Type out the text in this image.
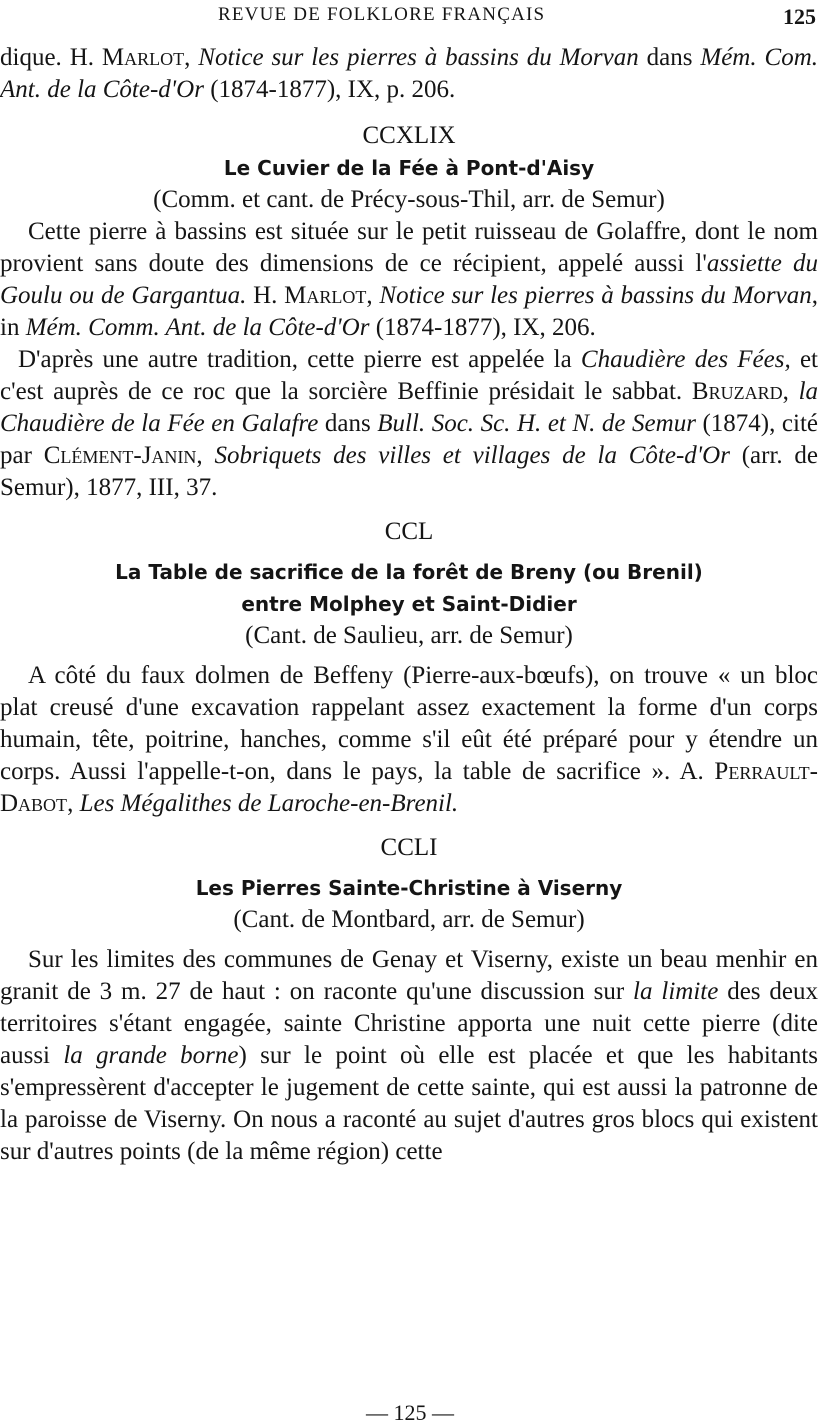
REVUE DE FOLKLORE FRANÇAIS	125

dique. H. Marlot, Notice sur les pierres à bassins du Morvan dans Mém. Com. Ant. de la Côte-d'Or (1874-1877), IX, p. 206.

CCXLIX
Le Cuvier de la Fée à Pont-d'Aisy
(Comm. et cant. de Précy-sous-Thil, arr. de Semur)

Cette pierre à bassins est située sur le petit ruisseau de Golaffre, dont le nom provient sans doute des dimensions de ce récipient, appelé aussi l'assiette du Goulu ou de Gargantua. H. Marlot, Notice sur les pierres à bassins du Morvan, in Mém. Comm. Ant. de la Côte-d'Or (1874-1877), IX, 206.

D'après une autre tradition, cette pierre est appelée la Chaudière des Fées, et c'est auprès de ce roc que la sorcière Beffinie présidait le sabbat. Bruzard, la Chaudière de la Fée en Galafre dans Bull. Soc. Sc. H. et N. de Semur (1874), cité par Clément-Janin, Sobriquets des villes et villages de la Côte-d'Or (arr. de Semur), 1877, III, 37.

CCL
La Table de sacrifice de la forêt de Breny (ou Brenil)
entre Molphey et Saint-Didier
(Cant. de Saulieu, arr. de Semur)

A côté du faux dolmen de Beffeny (Pierre-aux-bœufs), on trouve « un bloc plat creusé d'une excavation rappelant assez exactement la forme d'un corps humain, tête, poitrine, hanches, comme s'il eût été préparé pour y étendre un corps. Aussi l'appelle-t-on, dans le pays, la table de sacrifice ». A. Perrault-Dabot, Les Mégalithes de Laroche-en-Brenil.

CCLI
Les Pierres Sainte-Christine à Viserny
(Cant. de Montbard, arr. de Semur)

Sur les limites des communes de Genay et Viserny, existe un beau menhir en granit de 3 m. 27 de haut : on raconte qu'une discussion sur la limite des deux territoires s'étant engagée, sainte Christine apporta une nuit cette pierre (dite aussi la grande borne) sur le point où elle est placée et que les habitants s'empressèrent d'accepter le jugement de cette sainte, qui est aussi la patronne de la paroisse de Viserny. On nous a raconté au sujet d'autres gros blocs qui existent sur d'autres points (de la même région) cette

— 125 —
